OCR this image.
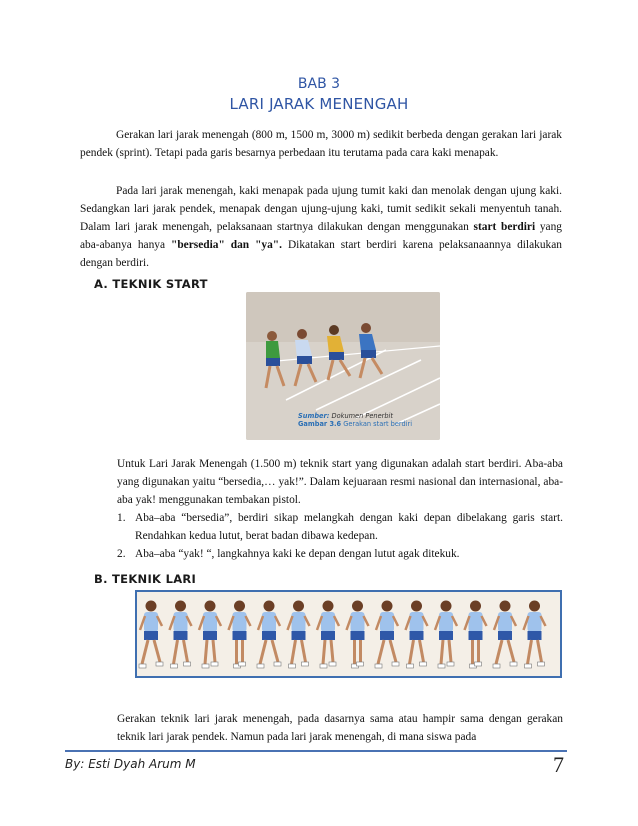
BAB 3
LARI JARAK MENENGAH

Gerakan lari jarak menengah (800 m, 1500 m, 3000 m) sedikit berbeda dengan gerakan lari jarak pendek (sprint). Tetapi pada garis besarnya perbedaan itu terutama pada cara kaki menapak.

Pada lari jarak menengah, kaki menapak pada ujung tumit kaki dan menolak dengan ujung kaki. Sedangkan lari jarak pendek, menapak dengan ujung-ujung kaki, tumit sedikit sekali menyentuh tanah. Dalam lari jarak menengah, pelaksanaan startnya dilakukan dengan menggunakan start berdiri yang aba-abanya hanya "bersedia" dan "ya". Dikatakan start berdiri karena pelaksanaannya dilakukan dengan berdiri.

A. TEKNIK START
Sumber: Dokumen Penerbit
Gambar 3.6 Gerakan start berdiri

Untuk Lari Jarak Menengah (1.500 m) teknik start yang digunakan adalah start berdiri. Aba-aba yang digunakan yaitu “bersedia,… yak!”. Dalam kejuaraan resmi nasional dan internasional, aba-aba yak! menggunakan tembakan pistol.

1. Aba–aba “bersedia”, berdiri sikap melangkah dengan kaki depan dibelakang garis start. Rendahkan kedua lutut, berat badan dibawa kedepan.
2. Aba–aba “yak! “, langkahnya kaki ke depan dengan lutut agak ditekuk.
B. TEKNIK LARI

Gerakan teknik lari jarak menengah, pada dasarnya sama atau hampir sama dengan gerakan teknik lari jarak pendek. Namun pada lari jarak menengah, di mana siswa pada

By: Esti Dyah Arum M	7
